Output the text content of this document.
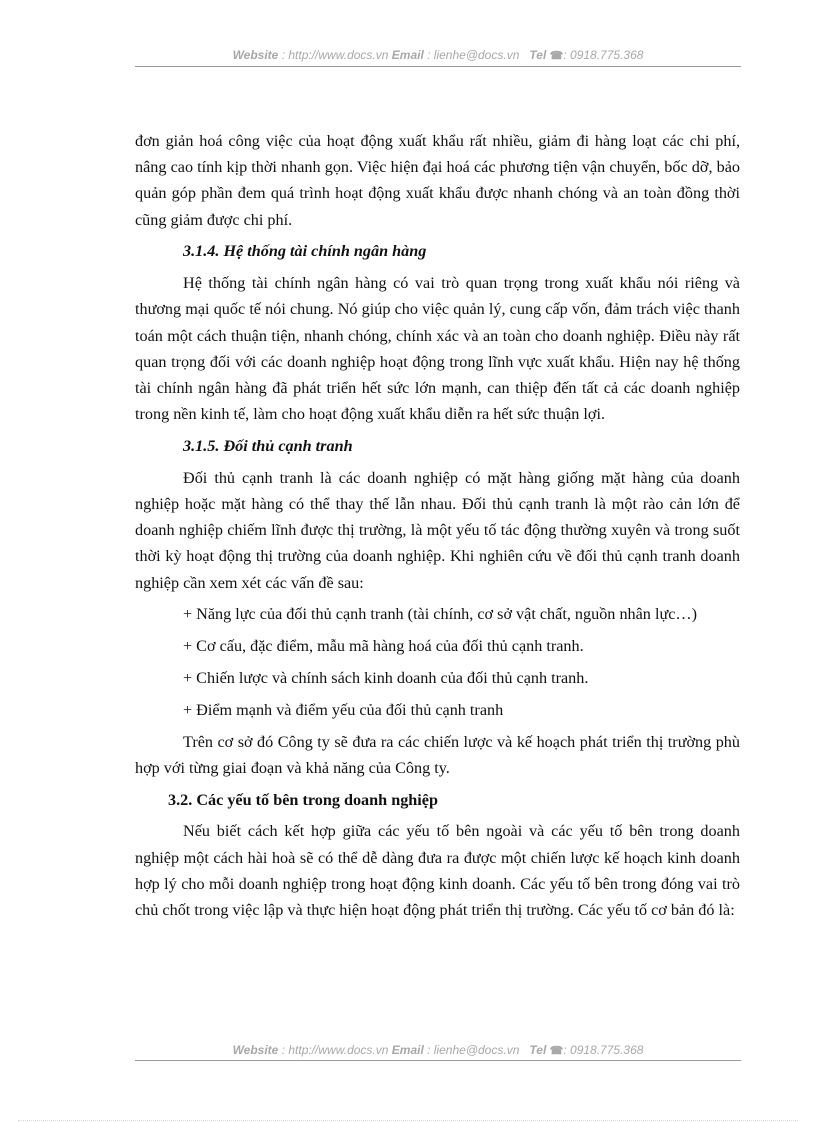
Website : http://www.docs.vn Email : lienhe@docs.vn Tel ☎: 0918.775.368

đơn giản hoá công việc của hoạt động xuất khẩu rất nhiều, giảm đi hàng loạt các chi phí, nâng cao tính kịp thời nhanh gọn. Việc hiện đại hoá các phương tiện vận chuyển, bốc dỡ, bảo quản góp phần đem quá trình hoạt động xuất khẩu được nhanh chóng và an toàn đồng thời cũng giảm được chi phí.

3.1.4. Hệ thống tài chính ngân hàng

Hệ thống tài chính ngân hàng có vai trò quan trọng trong xuất khẩu nói riêng và thương mại quốc tế nói chung. Nó giúp cho việc quản lý, cung cấp vốn, đảm trách việc thanh toán một cách thuận tiện, nhanh chóng, chính xác và an toàn cho doanh nghiệp. Điều này rất quan trọng đối với các doanh nghiệp hoạt động trong lĩnh vực xuất khẩu. Hiện nay hệ thống tài chính ngân hàng đã phát triển hết sức lớn mạnh, can thiệp đến tất cả các doanh nghiệp trong nền kinh tế, làm cho hoạt động xuất khẩu diễn ra hết sức thuận lợi.

3.1.5. Đối thủ cạnh tranh

Đối thủ cạnh tranh là các doanh nghiệp có mặt hàng giống mặt hàng của doanh nghiệp hoặc mặt hàng có thể thay thế lẫn nhau. Đối thủ cạnh tranh là một rào cản lớn để doanh nghiệp chiếm lĩnh được thị trường, là một yếu tố tác động thường xuyên và trong suốt thời kỳ hoạt động thị trường của doanh nghiệp. Khi nghiên cứu về đối thủ cạnh tranh doanh nghiệp cần xem xét các vấn đề sau:

+ Năng lực của đối thủ cạnh tranh (tài chính, cơ sở vật chất, nguồn nhân lực…)
+ Cơ cấu, đặc điểm, mẫu mã hàng hoá của đối thủ cạnh tranh.
+ Chiến lược và chính sách kinh doanh của đối thủ cạnh tranh.
+ Điểm mạnh và điểm yếu của đối thủ cạnh tranh

Trên cơ sở đó Công ty sẽ đưa ra các chiến lược và kế hoạch phát triển thị trường phù hợp với từng giai đoạn và khả năng của Công ty.

3.2. Các yếu tố bên trong doanh nghiệp

Nếu biết cách kết hợp giữa các yếu tố bên ngoài và các yếu tố bên trong doanh nghiệp một cách hài hoà sẽ có thể dễ dàng đưa ra được một chiến lược kế hoạch kinh doanh hợp lý cho mỗi doanh nghiệp trong hoạt động kinh doanh. Các yếu tố bên trong đóng vai trò chủ chốt trong việc lập và thực hiện hoạt động phát triển thị trường. Các yếu tố cơ bản đó là:

Website : http://www.docs.vn Email : lienhe@docs.vn Tel ☎: 0918.775.368
